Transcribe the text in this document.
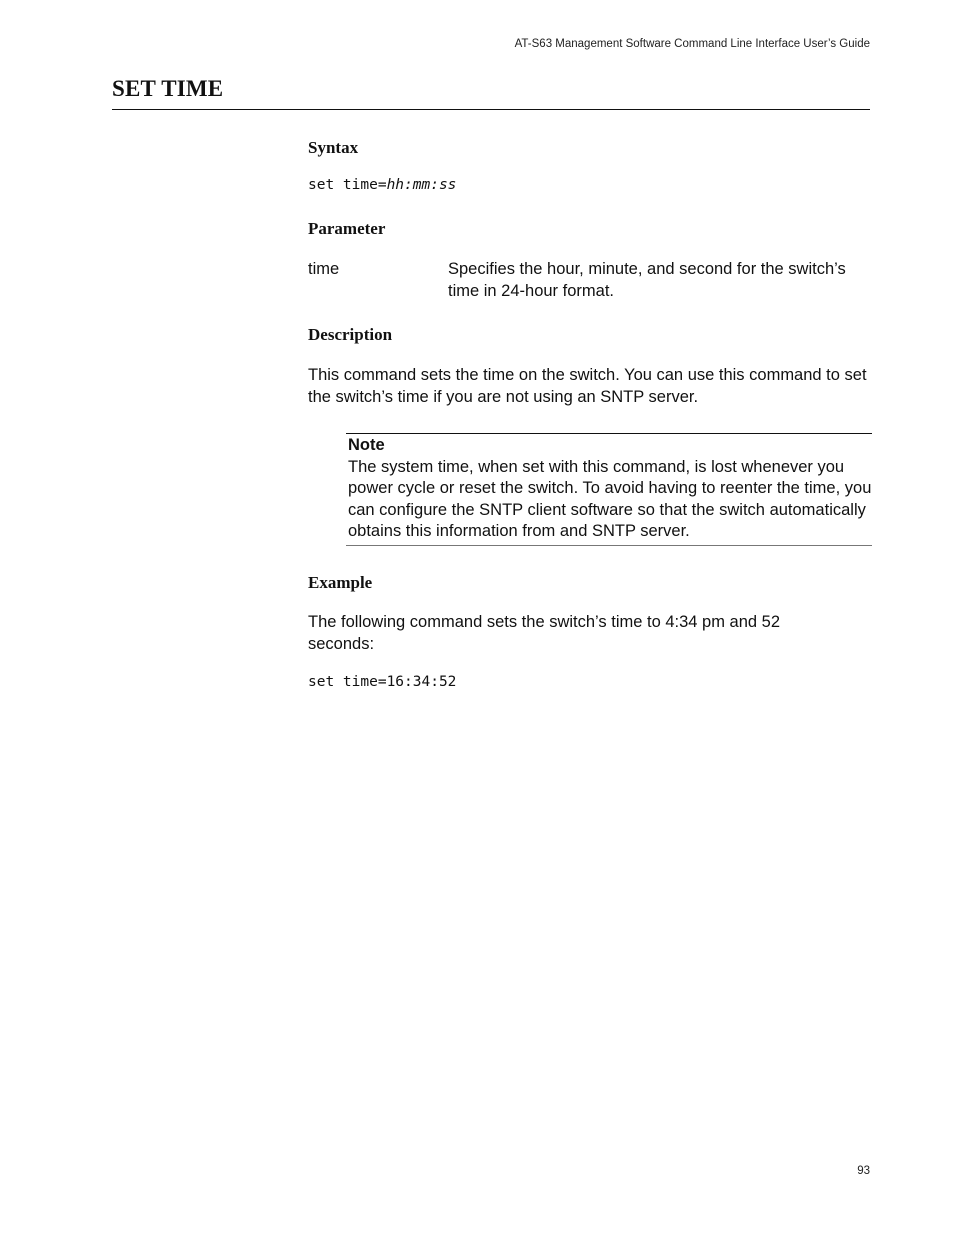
AT-S63 Management Software Command Line Interface User’s Guide
SET TIME
Syntax
set time=hh:mm:ss
Parameter
time	Specifies the hour, minute, and second for the switch’s time in 24-hour format.
Description
This command sets the time on the switch. You can use this command to set the switch’s time if you are not using an SNTP server.
Note
The system time, when set with this command, is lost whenever you power cycle or reset the switch. To avoid having to reenter the time, you can configure the SNTP client software so that the switch automatically obtains this information from and SNTP server.
Example
The following command sets the switch’s time to 4:34 pm and 52 seconds:
set time=16:34:52
93
